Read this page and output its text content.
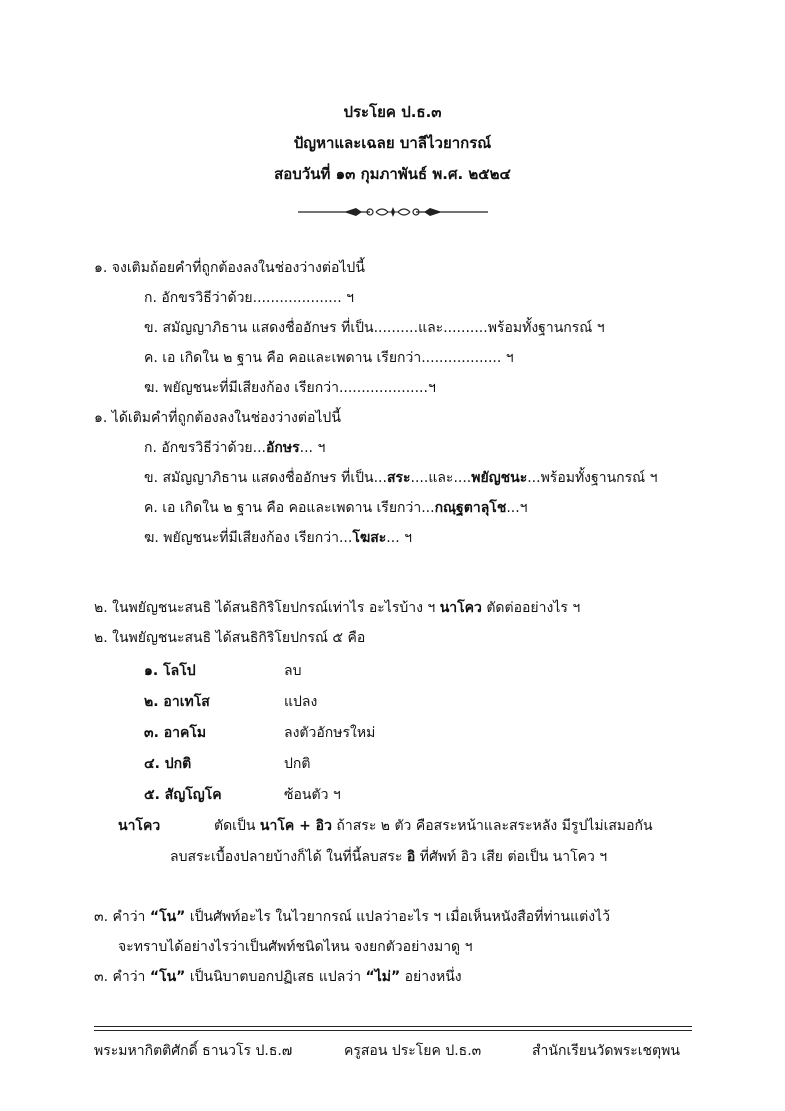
ประโยค ป.ธ.๓
ปัญหาและเฉลย บาลีไวยากรณ์
สอบวันที่ ๑๓ กุมภาพันธ์ พ.ศ. ๒๕๒๔
๑. จงเติมถ้อยคำที่ถูกต้องลงในช่องว่างต่อไปนี้
ก. อักขรวิธีว่าด้วย.................... ฯ
ข. สมัญญาภิธาน แสดงชื่ออักษร ที่เป็น..........และ..........พร้อมทั้งฐานกรณ์ ฯ
ค. เอ เกิดใน ๒ ฐาน คือ คอและเพดาน เรียกว่า.................. ฯ
ฆ. พยัญชนะที่มีเสียงก้อง เรียกว่า....................ฯ
๑. ได้เติมคำที่ถูกต้องลงในช่องว่างต่อไปนี้
ก. อักขรวิธีว่าด้วย...อักษร... ฯ
ข. สมัญญาภิธาน แสดงชื่ออักษร ที่เป็น...สระ....และ....พยัญชนะ...พร้อมทั้งฐานกรณ์ ฯ
ค. เอ เกิดใน ๒ ฐาน คือ คอและเพดาน เรียกว่า...กณฺฐตาลุโช...ฯ
ฆ. พยัญชนะที่มีเสียงก้อง เรียกว่า...โฆสะ... ฯ
๒. ในพยัญชนะสนธิ ได้สนธิกิริโยปกรณ์เท่าไร อะไรบ้าง ฯ นาโคว ตัดต่ออย่างไร ฯ
๒. ในพยัญชนะสนธิ ได้สนธิกิริโยปกรณ์ ๕ คือ
๑. โลโป	ลบ
๒. อาเทโส	แปลง
๓. อาคโม	ลงตัวอักษรใหม่
๔. ปกติ	ปกติ
๕. สัญโญโค	ซ้อนตัว ฯ
นาโคว	ตัดเป็น นาโค + อิว ถ้าสระ ๒ ตัว คือสระหน้าและสระหลัง มีรูปไม่เสมอกัน
ลบสระเบื้องปลายบ้างก็ได้ ในที่นี้ลบสระ อิ ที่ศัพท์ อิว เสีย ต่อเป็น นาโคว ฯ
๓. คำว่า “โน” เป็นศัพท์อะไร ในไวยากรณ์ แปลว่าอะไร ฯ เมื่อเห็นหนังสือที่ท่านแต่งไว้
จะทราบได้อย่างไรว่าเป็นศัพท์ชนิดไหน จงยกตัวอย่างมาดู ฯ
๓. คำว่า “โน” เป็นนิบาตบอกปฏิเสธ แปลว่า “ไม่” อย่างหนึ่ง
พระมหากิตติศักดิ์ ธานวโร ป.ธ.๗	ครูสอน ประโยค ป.ธ.๓	สำนักเรียนวัดพระเชตุพน
